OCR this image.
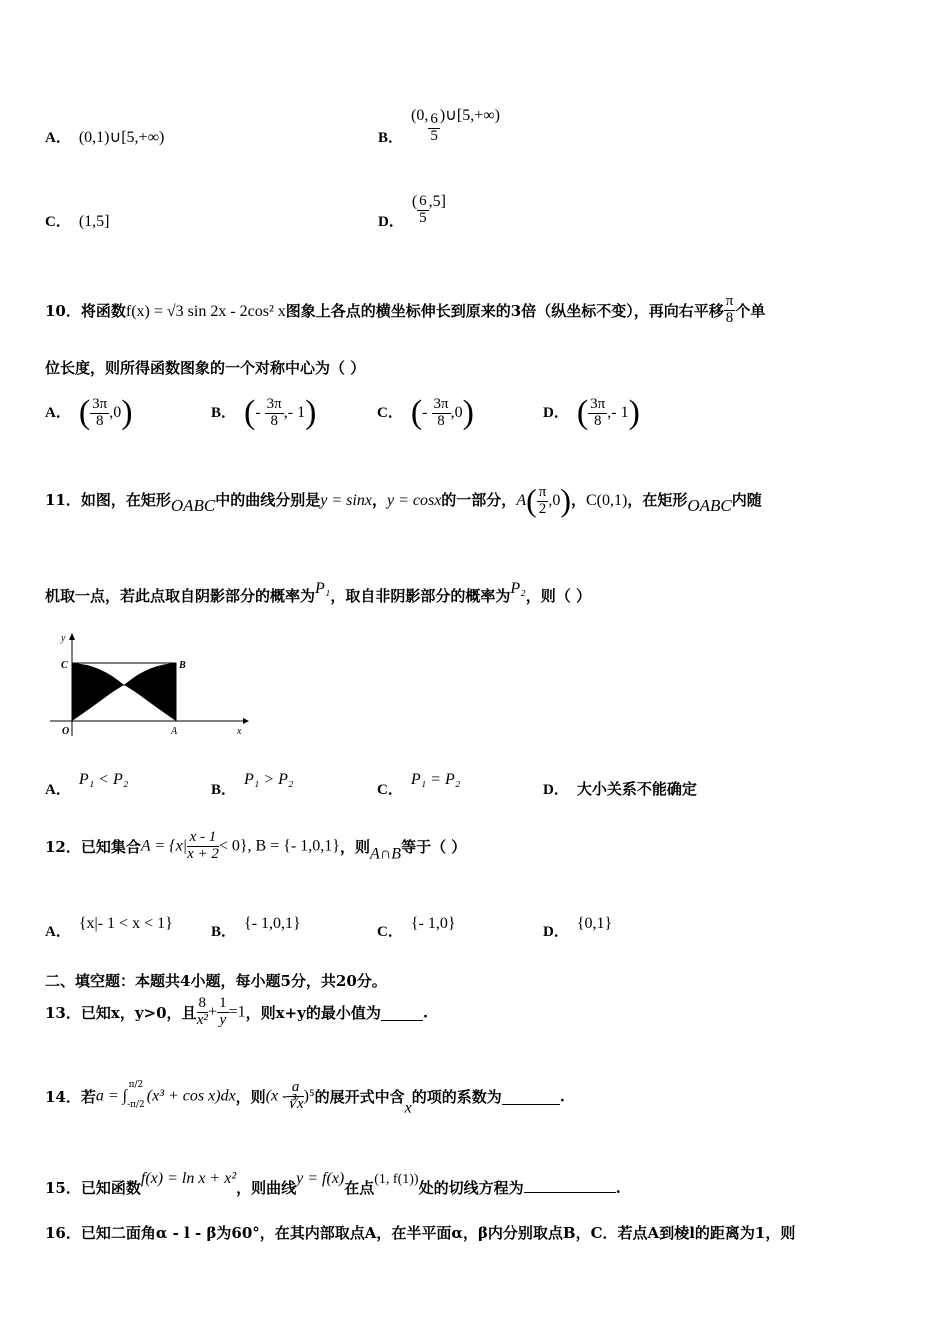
A． (0,1)∪[5,+∞)	B．(0, $\frac{6}{5}$ )∪[5,+∞)
C． (1,5]	D．( $\frac{6}{5} ,5$]
10．将函数f(x) = √3 sin 2x - 2cos² x图象上各点的横坐标伸长到原来的3倍（纵坐标不变），再向右平移 $\frac{\pi}{8}$ 个单
位长度，则所得函数图象的一个对称中心为（ ）
A． ( $\frac{3\pi}{8} ,0$)	B． (- $\frac{3\pi}{8}$ ,- 1)	C． (- $\frac{3\pi}{8} ,0$)	D． ( $\frac{3\pi}{8}$ ,- 1)
11．如图，在矩形OABC中的曲线分别是y = sinx，y = cosx的一部分，$A( \frac{\pi}{2} ,0)$，C(0,1)，在矩形OABC内随
机取一点，若此点取自阴影部分的概率为P₁，取自非阴影部分的概率为P₂，则（ ）
y
x
C	B
O	A
A．P₁ < P₂
B．P₁ > P₂
C．P₁ = P₂
D． 大小关系不能确定
12．已知集合$A = \{x| \frac{x - 1}{x + 2} < 0\}$, B = {- 1,0,1}，则A∩B等于（ ）
A． {x|- 1 < x < 1}	B． {- 1,0,1}	C． {- 1,0}	D． {0,1}
二、填空题：本题共4小题，每小题5分，共20分。
13．已知x，y>0，且 $\frac{8}{\text{x²}} + \frac{1}{y} =1$，则x+y的最小值为	.
14．若a = ∫
π/2
-π/2
(x³ + cos x)dx，则$(x - \frac{a}{∛x} )^5$的展开式中含x的项的系数为	.
15．已知函数f(x) = ln x + x²，则曲线y = f(x)在点(1, f(1))处的切线方程为	.
16．已知二面角α - l - β为60°，在其内部取点A，在半平面α，β内分别取点B，C．若点A到棱l的距离为1，则
